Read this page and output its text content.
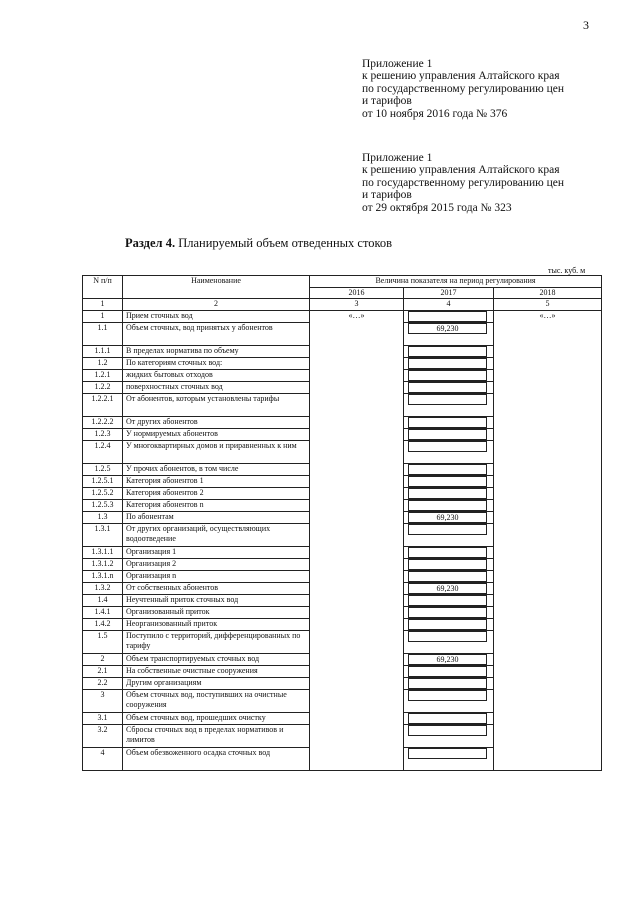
3
Приложение 1
к решению управления Алтайского края
по государственному регулированию цен
и тарифов
от 10 ноября 2016 года № 376
Приложение 1
к решению управления Алтайского края
по государственному регулированию цен
и тарифов
от 29 октября 2015 года № 323
Раздел 4. Планируемый объем отведенных стоков
тыс. куб. м
N п/п	Наименование	Величина показателя на период регулирования		
		2016	2017	2018
1	2	3	4	5
1	Прием сточных вод	«…»		«…»
1.1	Объем сточных, вод принятых у абонентов		69,230	

1.1.1	В пределах норматива по объему			

1.2	По категориям сточных вод:			

1.2.1	жидких бытовых отходов			

1.2.2	поверхностных сточных вод			

1.2.2.1	От абонентов, которым установлены тарифы			

1.2.2.2	От других абонентов			

1.2.3	У нормируемых абонентов			

1.2.4	У многоквартирных домов и приравненных к ним			

1.2.5	У прочих абонентов, в том числе			

1.2.5.1	Категория абонентов 1			

1.2.5.2	Категория абонентов 2			

1.2.5.3	Категория абонентов n			

1.3	По абонентам		69,230	

1.3.1	От других организаций, осуществляющих водоотведение			

1.3.1.1	Организация 1			

1.3.1.2	Организация 2			

1.3.1.n	Организация n			

1.3.2	От собственных абонентов		69,230	

1.4	Неучтенный приток сточных вод			

1.4.1	Организованный приток			

1.4.2	Неорганизованный приток			

1.5	Поступило с территорий, дифференцированных по тарифу			

2	Объем транспортируемых сточных вод		69,230	

2.1	На собственные очистные сооружения			

2.2	Другим организациям			

3	Объем сточных вод, поступивших на очистные сооружения			

3.1	Объем сточных вод, прошедших очистку			

3.2	Сбросы сточных вод в пределах нормативов и лимитов			

4	Объем обезвоженного осадка сточных вод			
